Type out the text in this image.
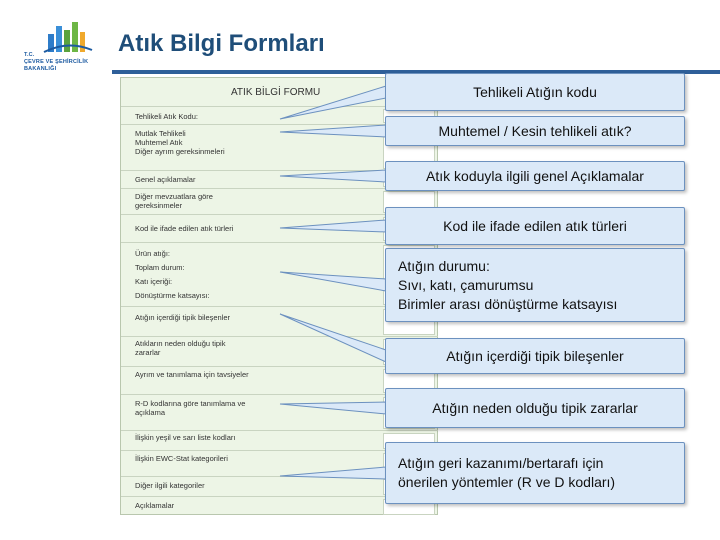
T.C.
ÇEVRE VE ŞEHİRCİLİK
BAKANLIĞI
Atık Bilgi Formları
ATIK BİLGİ FORMU
Tehlikeli Atık Kodu:
Mutlak Tehlikeli
Muhtemel Atık
Diğer ayrım gereksinmeleri
Genel açıklamalar
Diğer mevzuatlara göre
gereksinmeler
Kod ile ifade edilen atık türleri
Ürün atığı:
Toplam durum:
Katı içeriği:
Dönüştürme katsayısı:
Atığın içerdiği tipik bileşenler
Atıkların neden olduğu tipik
zararlar
Ayrım ve tanımlama için tavsiyeler
R-D kodlarına göre tanımlama ve
açıklama
İlişkin yeşil ve sarı liste kodları
İlişkin EWC-Stat kategorileri
Diğer ilgili kategoriler
Açıklamalar
Tehlikeli Atığın kodu
Muhtemel / Kesin tehlikeli atık?
Atık koduyla ilgili genel Açıklamalar
Kod ile ifade edilen atık türleri
Atığın durumu:
Sıvı, katı, çamurumsu
Birimler arası dönüştürme katsayısı
Atığın içerdiği tipik bileşenler
Atığın neden olduğu tipik zararlar
Atığın geri kazanımı/bertarafı için
önerilen yöntemler (R ve D kodları)
